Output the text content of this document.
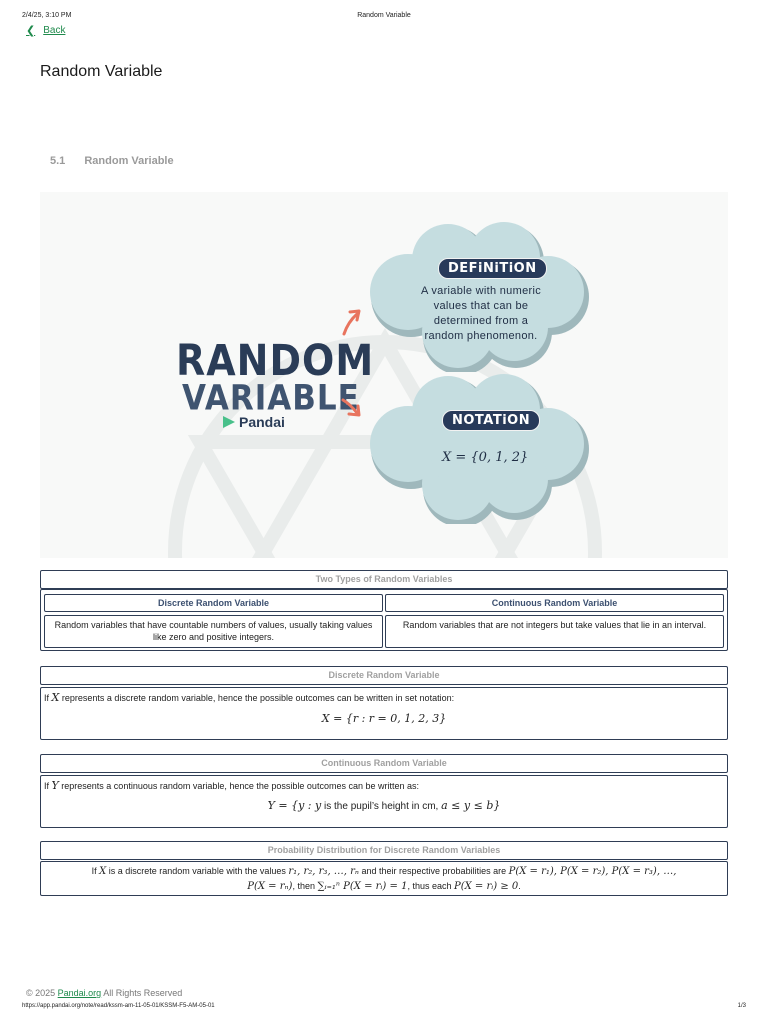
2/4/25, 3:10 PM	Random Variable
❮ Back
Random Variable
5.1 Random Variable
RANDOM
VARIABLE
Pandai
DEFiNiTiON
A variable with numeric
values that can be
determined from a
random phenomenon.
NOTATiON
X = {0, 1, 2}
Two Types of Random Variables
Discrete Random Variable	Continuous Random Variable
Random variables that have countable numbers of values, usually taking values like zero and positive integers.
Random variables that are not integers but take values that lie in an interval.
Discrete Random Variable
If X represents a discrete random variable, hence the possible outcomes can be written in set notation:
X = {r : r = 0, 1, 2, 3}
Continuous Random Variable
If Y represents a continuous random variable, hence the possible outcomes can be written as:
Y = {y : y is the pupil’s height in cm, a ≤ y ≤ b}
Probability Distribution for Discrete Random Variables
If X is a discrete random variable with the values r₁, r₂, r₃, …, rₙ and their respective probabilities are P(X = r₁), P(X = r₂), P(X = r₃), …,
P(X = rₙ), then ∑ᵢ₌₁ⁿ P(X = rᵢ) = 1, thus each P(X = rᵢ) ≥ 0.
© 2025 Pandai.org All Rights Reserved
https://app.pandai.org/note/read/kssm-am-11-05-01/KSSM-F5-AM-05-01	1/3
